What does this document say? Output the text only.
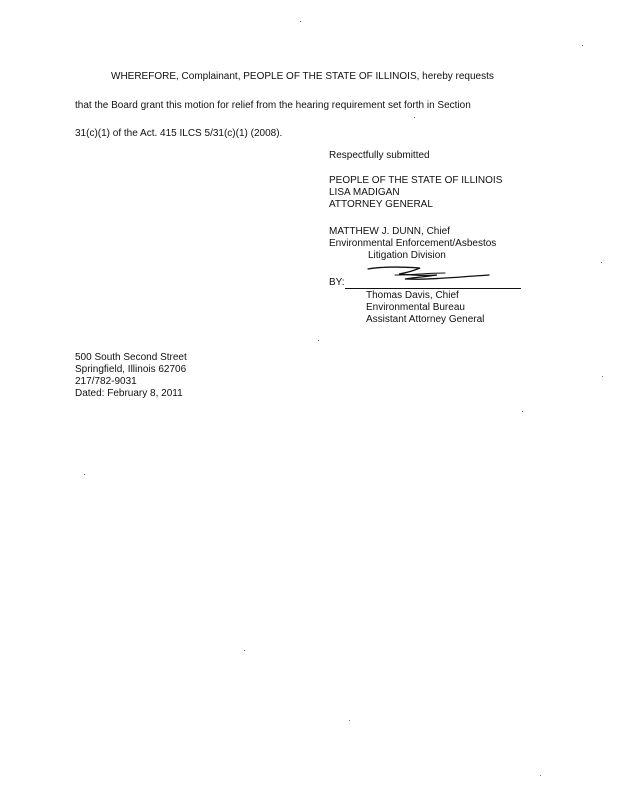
WHEREFORE, Complainant, PEOPLE OF THE STATE OF ILLINOIS, hereby requests
that the Board grant this motion for relief from the hearing requirement set forth in Section
31(c)(1) of the Act. 415 ILCS 5/31(c)(1) (2008).
Respectfully submitted
PEOPLE OF THE STATE OF ILLINOIS
LISA MADIGAN
ATTORNEY GENERAL
MATTHEW J. DUNN, Chief
Environmental Enforcement/Asbestos
Litigation Division
BY:
Thomas Davis, Chief
Environmental Bureau
Assistant Attorney General
500 South Second Street
Springfield, Illinois 62706
217/782-9031
Dated: February 8, 2011
